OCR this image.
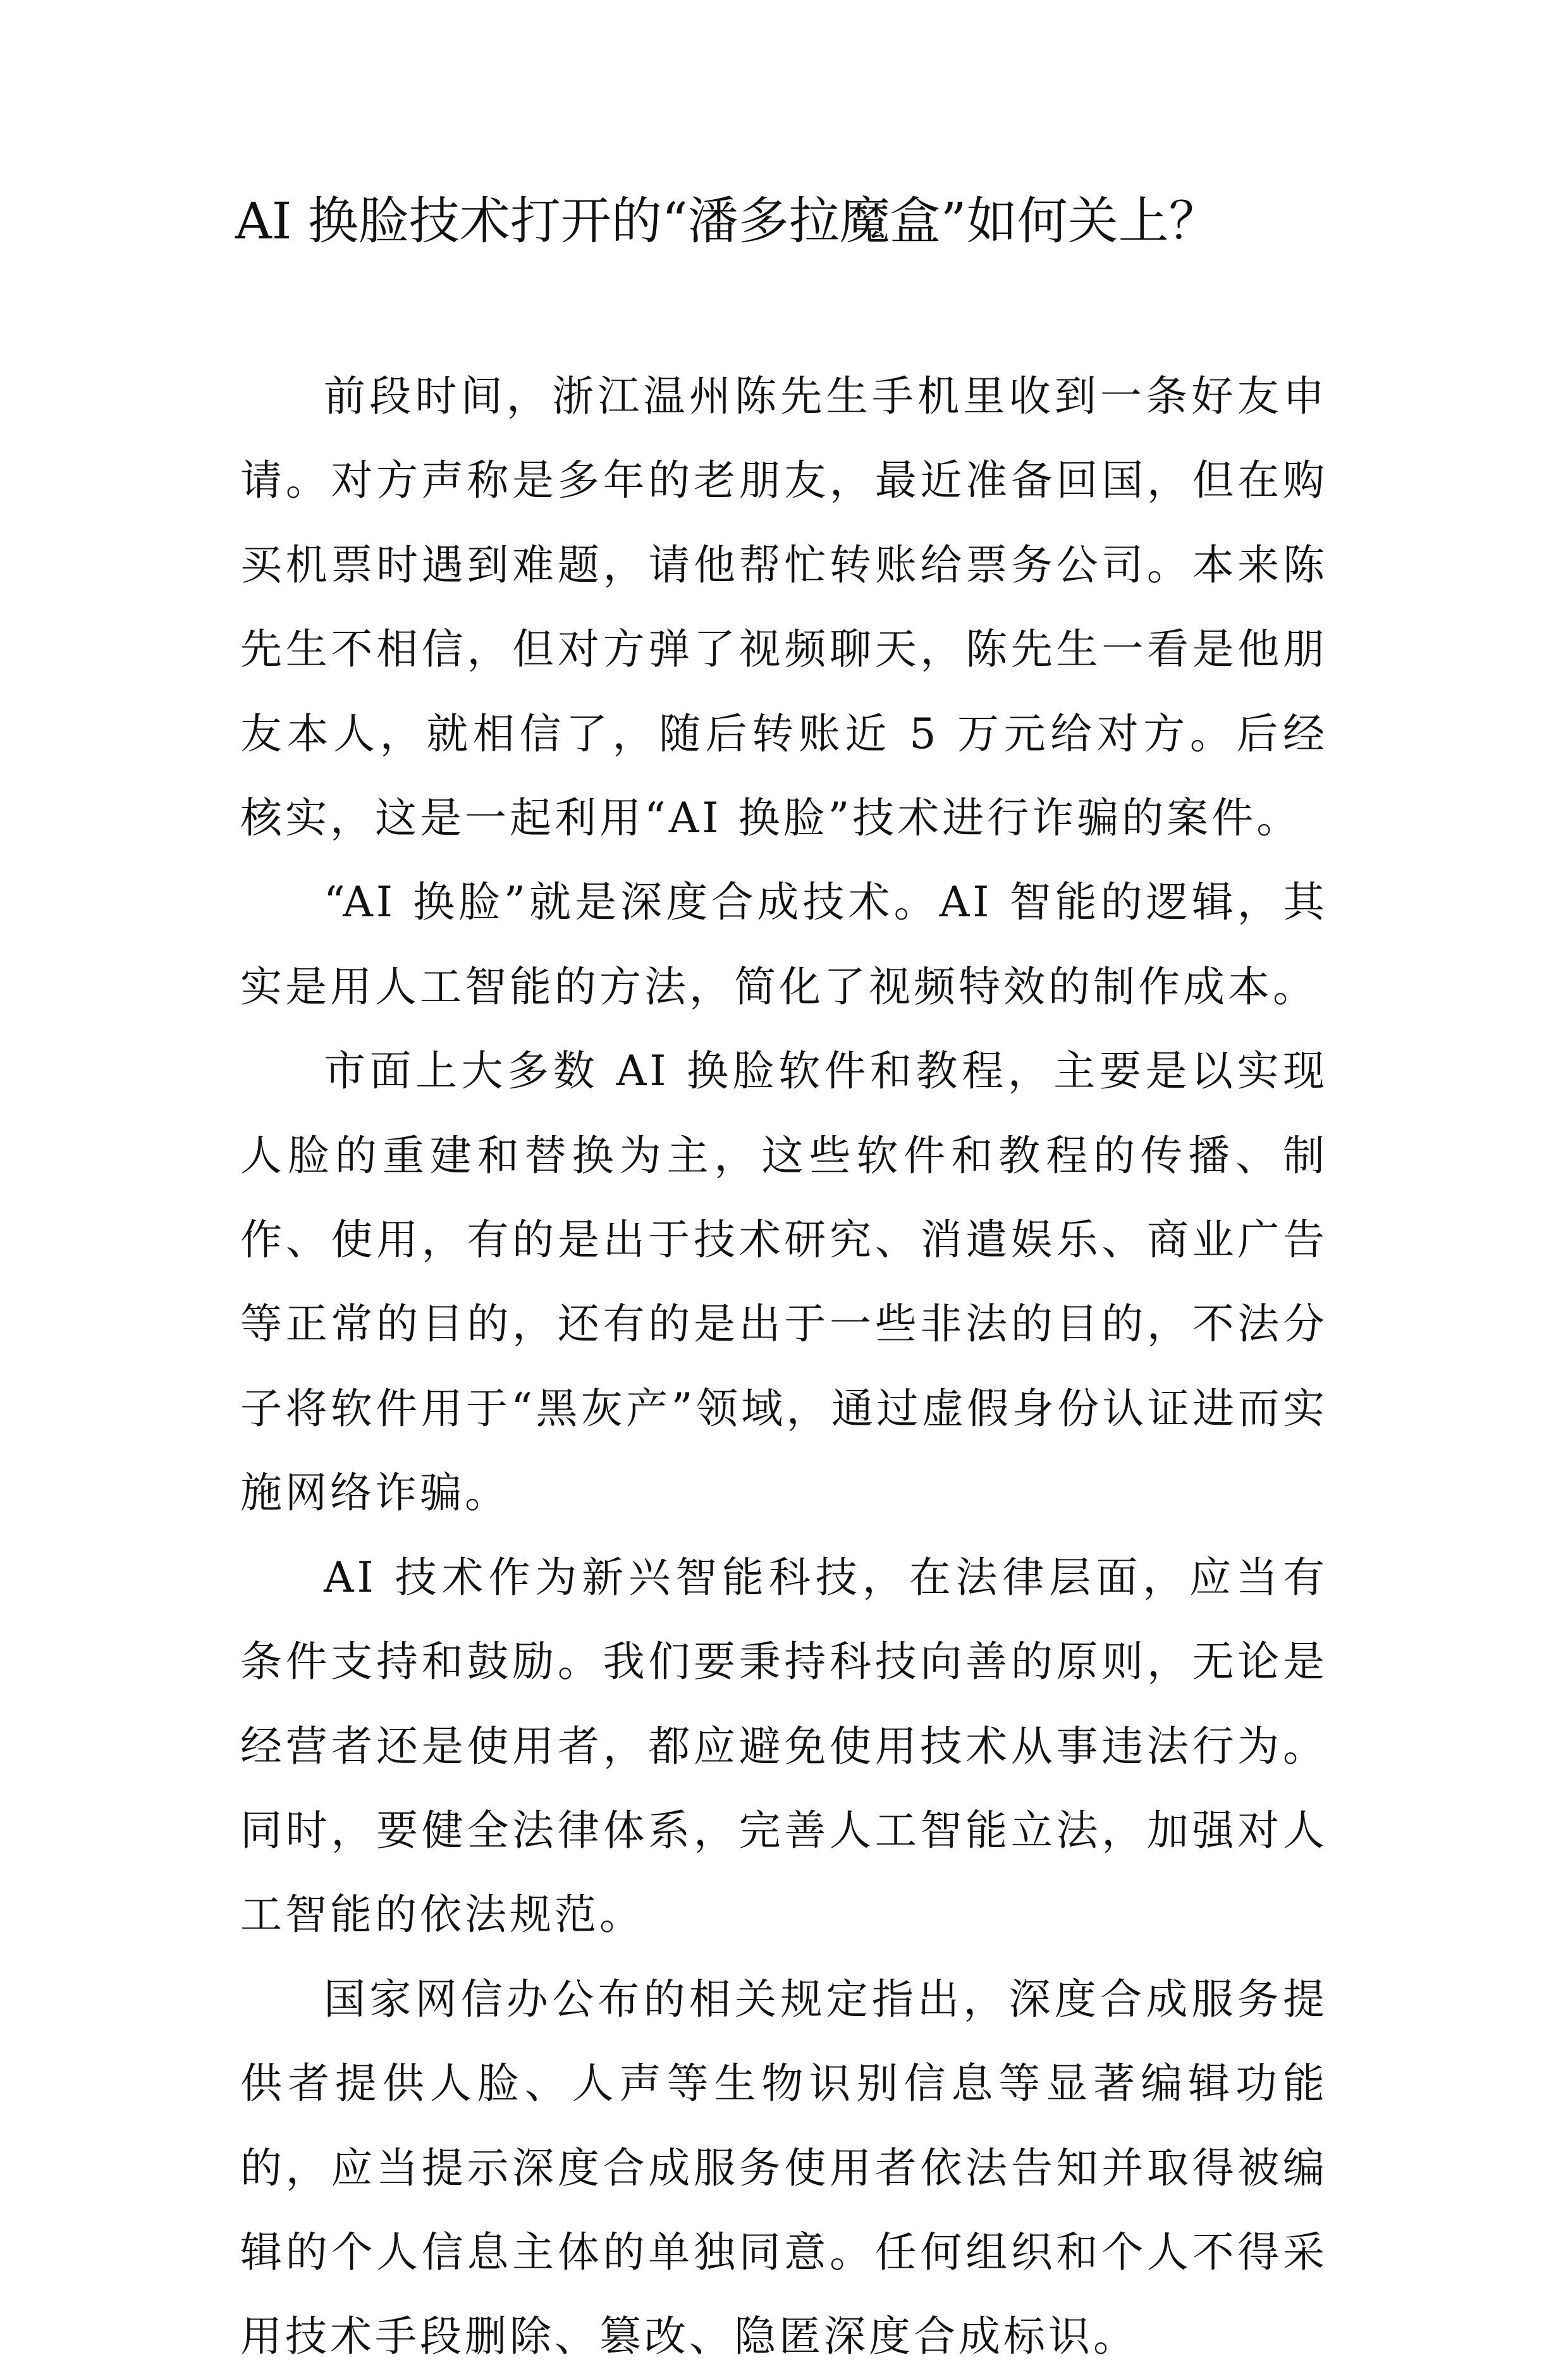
AI 换脸技术打开的“潘多拉魔盒”如何关上？

前段时间，浙江温州陈先生手机里收到一条好友申请。对方声称是多年的老朋友，最近准备回国，但在购买机票时遇到难题，请他帮忙转账给票务公司。本来陈先生不相信，但对方弹了视频聊天，陈先生一看是他朋友本人，就相信了，随后转账近 5 万元给对方。后经核实，这是一起利用“AI 换脸”技术进行诈骗的案件。

“AI 换脸”就是深度合成技术。AI 智能的逻辑，其实是用人工智能的方法，简化了视频特效的制作成本。

市面上大多数 AI 换脸软件和教程，主要是以实现人脸的重建和替换为主，这些软件和教程的传播、制作、使用，有的是出于技术研究、消遣娱乐、商业广告等正常的目的，还有的是出于一些非法的目的，不法分子将软件用于“黑灰产”领域，通过虚假身份认证进而实施网络诈骗。

AI 技术作为新兴智能科技，在法律层面，应当有条件支持和鼓励。我们要秉持科技向善的原则，无论是经营者还是使用者，都应避免使用技术从事违法行为。同时，要健全法律体系，完善人工智能立法，加强对人工智能的依法规范。

国家网信办公布的相关规定指出，深度合成服务提供者提供人脸、人声等生物识别信息等显著编辑功能的，应当提示深度合成服务使用者依法告知并取得被编辑的个人信息主体的单独同意。任何组织和个人不得采用技术手段删除、篡改、隐匿深度合成标识。
